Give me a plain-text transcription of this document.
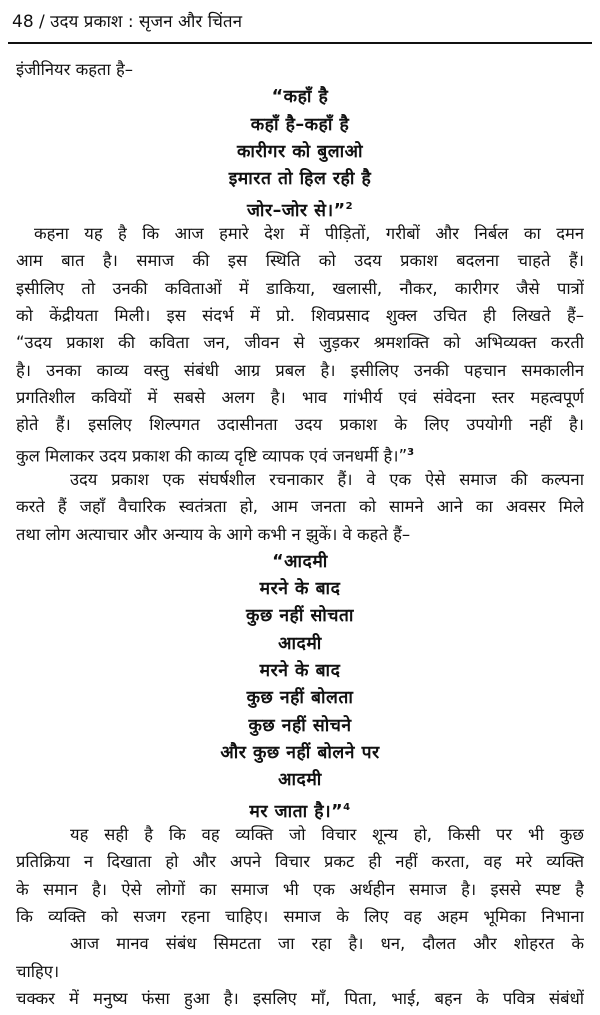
48 / उदय प्रकाश : सृजन और चिंतन
इंजीनियर कहता है–
“कहाँ है
कहाँ है–कहाँ है
कारीगर को बुलाओ
इमारत तो हिल रही है
जोर–जोर से।”$^2$
कहना यह है कि आज हमारे देश में पीड़ितों, गरीबों और निर्बल का दमन
आम बात है। समाज की इस स्थिति को उदय प्रकाश बदलना चाहते हैं।
इसीलिए तो उनकी कविताओं में डाकिया, खलासी, नौकर, कारीगर जैसे पात्रों
को केंद्रीयता मिली। इस संदर्भ में प्रो. शिवप्रसाद शुक्ल उचित ही लिखते हैं–
“उदय प्रकाश की कविता जन, जीवन से जुड़कर श्रमशक्ति को अभिव्यक्त करती
है। उनका काव्य वस्तु संबंधी आग्र प्रबल है। इसीलिए उनकी पहचान समकालीन
प्रगतिशील कवियों में सबसे अलग है। भाव गांभीर्य एवं संवेदना स्तर महत्वपूर्ण
होते हैं। इसलिए शिल्पगत उदासीनता उदय प्रकाश के लिए उपयोगी नहीं है।
कुल मिलाकर उदय प्रकाश की काव्य दृष्टि व्यापक एवं जनधर्मी है।”$^3$
उदय प्रकाश एक संघर्षशील रचनाकार हैं। वे एक ऐसे समाज की कल्पना
करते हैं जहाँ वैचारिक स्वतंत्रता हो, आम जनता को सामने आने का अवसर मिले
तथा लोग अत्याचार और अन्याय के आगे कभी न झुकें। वे कहते हैं–
“आदमी
मरने के बाद
कुछ नहीं सोचता
आदमी
मरने के बाद
कुछ नहीं बोलता
कुछ नहीं सोचने
और कुछ नहीं बोलने पर
आदमी
मर जाता है।”$^4$
यह सही है कि वह व्यक्ति जो विचार शून्य हो, किसी पर भी कुछ
प्रतिक्रिया न दिखाता हो और अपने विचार प्रकट ही नहीं करता, वह मरे व्यक्ति
के समान है। ऐसे लोगों का समाज भी एक अर्थहीन समाज है। इससे स्पष्ट है
कि व्यक्ति को सजग रहना चाहिए। समाज के लिए वह अहम भूमिका निभाना
चाहिए।
आज मानव संबंध सिमटता जा रहा है। धन, दौलत और शोहरत के
चक्कर में मनुष्य फंसा हुआ है। इसलिए माँ, पिता, भाई, बहन के पवित्र संबंधों
